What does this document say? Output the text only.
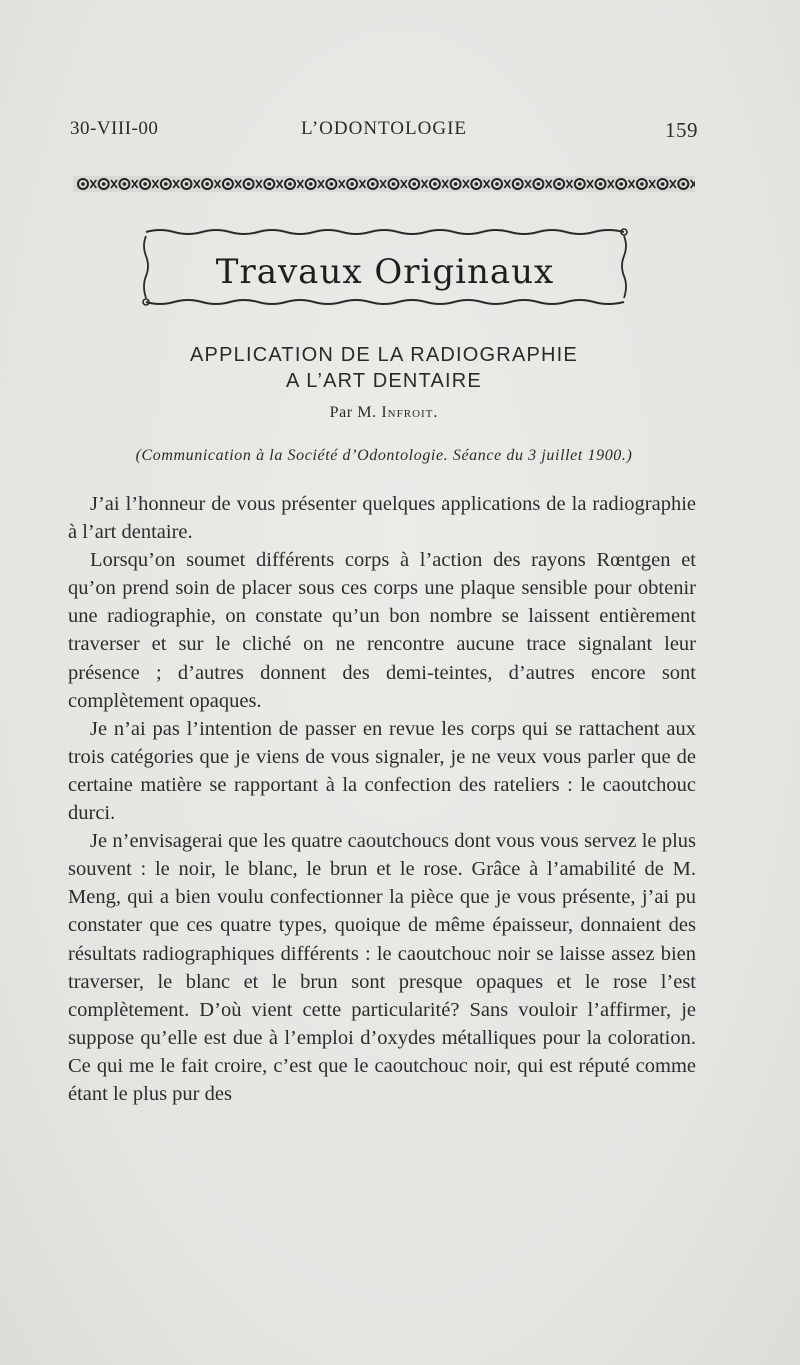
30-VIII-00	L’ODONTOLOGIE	159
Travaux Originaux
APPLICATION DE LA RADIOGRAPHIE
A L’ART DENTAIRE
Par M. Infroit.
(Communication à la Société d’Odontologie. Séance du 3 juillet 1900.)

J’ai l’honneur de vous présenter quelques applications de la radiographie à l’art dentaire.

Lorsqu’on soumet différents corps à l’action des rayons Rœntgen et qu’on prend soin de placer sous ces corps une plaque sensible pour obtenir une radiographie, on constate qu’un bon nombre se laissent entièrement traverser et sur le cliché on ne rencontre aucune trace signalant leur présence ; d’autres donnent des demi-teintes, d’autres encore sont complètement opaques.

Je n’ai pas l’intention de passer en revue les corps qui se rattachent aux trois catégories que je viens de vous signaler, je ne veux vous parler que de certaine matière se rapportant à la confection des rateliers : le caoutchouc durci.

Je n’envisagerai que les quatre caoutchoucs dont vous vous servez le plus souvent : le noir, le blanc, le brun et le rose. Grâce à l’amabilité de M. Meng, qui a bien voulu confectionner la pièce que je vous présente, j’ai pu constater que ces quatre types, quoique de même épaisseur, donnaient des résultats radiographiques différents : le caoutchouc noir se laisse assez bien traverser, le blanc et le brun sont presque opaques et le rose l’est complètement. D’où vient cette particularité? Sans vouloir l’affirmer, je suppose qu’elle est due à l’emploi d’oxydes métalliques pour la coloration. Ce qui me le fait croire, c’est que le caoutchouc noir, qui est réputé comme étant le plus pur des
